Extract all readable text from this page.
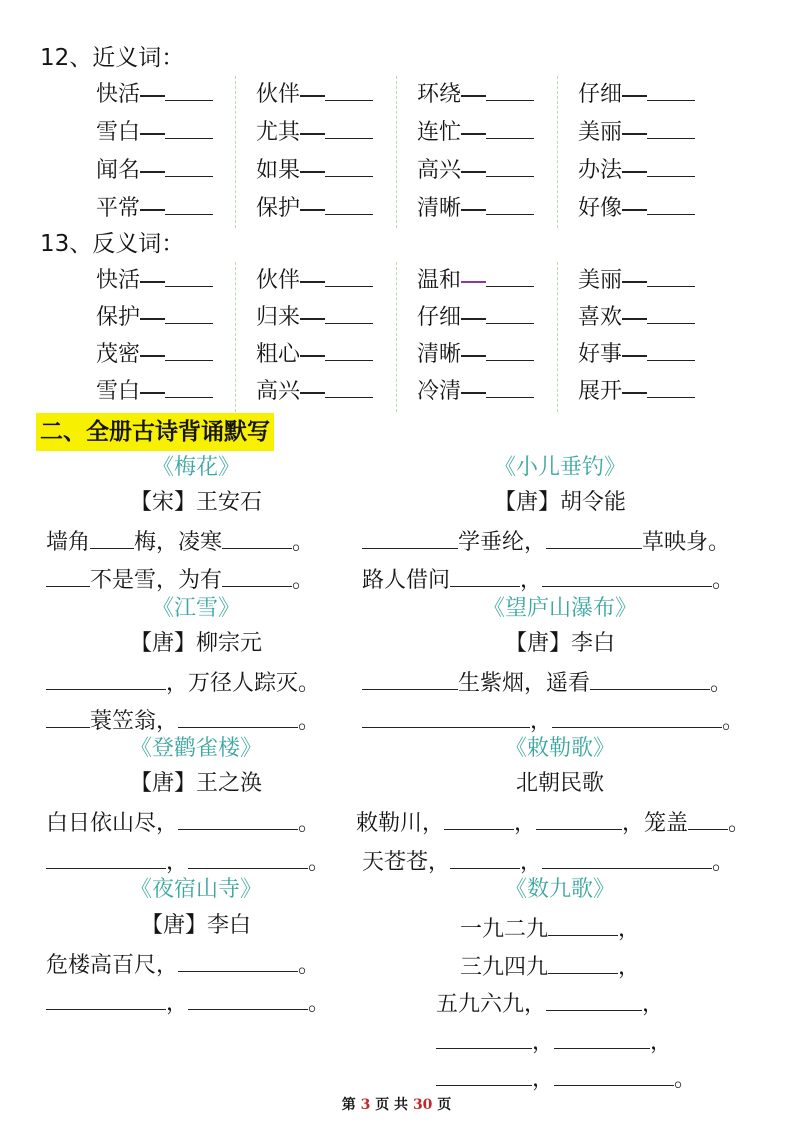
12、近义词：
快活	伙伴	环绕	仔细
雪白	尤其	连忙	美丽
闻名	如果	高兴	办法
平常	保护	清晰	好像
13、反义词：
快活	伙伴	温和	美丽
保护	归来	仔细	喜欢
茂密	粗心	清晰	好事
雪白	高兴	冷清	展开
二、全册古诗背诵默写
《梅花》
【宋】王安石
墙角 梅，凌寒	。
不是雪，为有	。
《小儿垂钓》
【唐】胡令能
学垂纶，	草映身。
路人借问	，	。
《江雪》
【唐】柳宗元
，万径人踪灭。
蓑笠翁，	。
《望庐山瀑布》
【唐】李白
生紫烟，遥看	。
，	。
《登鹳雀楼》
【唐】王之涣
白日依山尽，	。
，	。
《敕勒歌》
北朝民歌
敕勒川，	，	，笼盖 。
天苍苍，	，	。
《夜宿山寺》
【唐】李白
危楼高百尺，	。
，	。
《数九歌》
一九二九	，
三九四九	，
五九六九，	，
，	，
，	。
第 3 页 共 30 页
